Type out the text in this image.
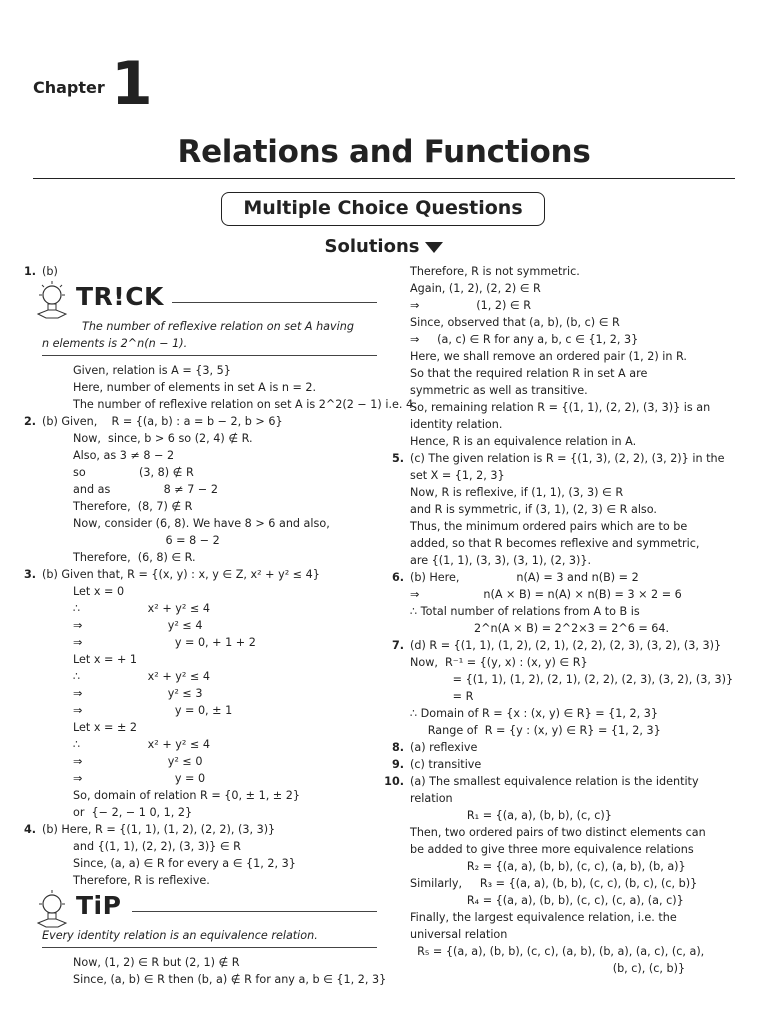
Chapter 1
Relations and Functions
Multiple Choice Questions
Solutions
1. (b)
TR!CK
The number of reflexive relation on set A having
n elements is 2^n(n − 1).
Given, relation is A = {3, 5}
Here, number of elements in set A is n = 2.
The number of reflexive relation on set A is 2^2(2 − 1) i.e. 4.
2. (b) Given,    R = {(a, b) : a = b − 2, b > 6}
Now,  since, b > 6 so (2, 4) ∉ R.
Also, as 3 ≠ 8 − 2
so               (3, 8) ∉ R
and as               8 ≠ 7 − 2
Therefore,  (8, 7) ∉ R
Now, consider (6, 8). We have 8 > 6 and also,
6 = 8 − 2
Therefore,  (6, 8) ∈ R.
3. (b) Given that, R = {(x, y) : x, y ∈ Z, x² + y² ≤ 4}
Let x = 0
∴                   x² + y² ≤ 4
⇒                        y² ≤ 4
⇒                          y = 0, + 1 + 2
Let x = + 1
∴                   x² + y² ≤ 4
⇒                        y² ≤ 3
⇒                          y = 0, ± 1
Let x = ± 2
∴                   x² + y² ≤ 4
⇒                        y² ≤ 0
⇒                          y = 0
So, domain of relation R = {0, ± 1, ± 2}
or  {− 2, − 1 0, 1, 2}
4. (b) Here, R = {(1, 1), (1, 2), (2, 2), (3, 3)}
and {(1, 1), (2, 2), (3, 3)} ∈ R
Since, (a, a) ∈ R for every a ∈ {1, 2, 3}
Therefore, R is reflexive.
TiP
Every identity relation is an equivalence relation.
Now, (1, 2) ∈ R but (2, 1) ∉ R
Since, (a, b) ∈ R then (b, a) ∉ R for any a, b ∈ {1, 2, 3}
Therefore, R is not symmetric.
Again, (1, 2), (2, 2) ∈ R
⇒                (1, 2) ∈ R
Since, observed that (a, b), (b, c) ∈ R
⇒     (a, c) ∈ R for any a, b, c ∈ {1, 2, 3}
Here, we shall remove an ordered pair (1, 2) in R.
So that the required relation R in set A are
symmetric as well as transitive.
So, remaining relation R = {(1, 1), (2, 2), (3, 3)} is an
identity relation.
Hence, R is an equivalence relation in A.
5. (c) The given relation is R = {(1, 3), (2, 2), (3, 2)} in the
set X = {1, 2, 3}
Now, R is reflexive, if (1, 1), (3, 3) ∈ R
and R is symmetric, if (3, 1), (2, 3) ∈ R also.
Thus, the minimum ordered pairs which are to be
added, so that R becomes reflexive and symmetric,
are {(1, 1), (3, 3), (3, 1), (2, 3)}.
6. (b) Here,                n(A) = 3 and n(B) = 2
⇒                  n(A × B) = n(A) × n(B) = 3 × 2 = 6
∴ Total number of relations from A to B is
2^n(A × B) = 2^2×3 = 2^6 = 64.
7. (d) R = {(1, 1), (1, 2), (2, 1), (2, 2), (2, 3), (3, 2), (3, 3)}
Now,  R⁻¹ = {(y, x) : (x, y) ∈ R}
= {(1, 1), (1, 2), (2, 1), (2, 2), (2, 3), (3, 2), (3, 3)}
= R
∴ Domain of R = {x : (x, y) ∈ R} = {1, 2, 3}
Range of  R = {y : (x, y) ∈ R} = {1, 2, 3}
8. (a) reflexive
9. (c) transitive
10. (a) The smallest equivalence relation is the identity
relation
R₁ = {(a, a), (b, b), (c, c)}
Then, two ordered pairs of two distinct elements can
be added to give three more equivalence relations
R₂ = {(a, a), (b, b), (c, c), (a, b), (b, a)}
Similarly,     R₃ = {(a, a), (b, b), (c, c), (b, c), (c, b)}
R₄ = {(a, a), (b, b), (c, c), (c, a), (a, c)}
Finally, the largest equivalence relation, i.e. the
universal relation
R₅ = {(a, a), (b, b), (c, c), (a, b), (b, a), (a, c), (c, a),
(b, c), (c, b)}
